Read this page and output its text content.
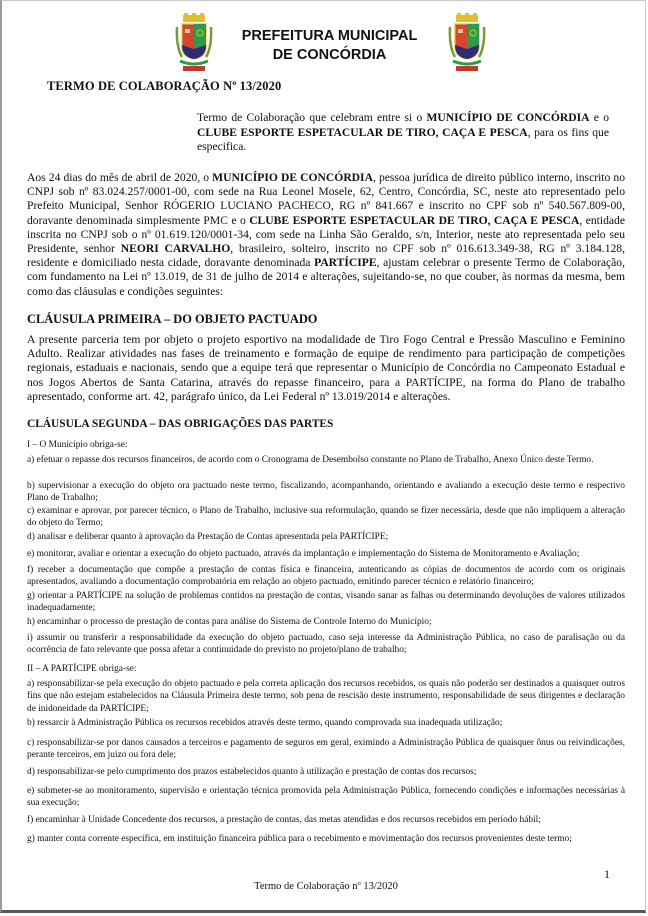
PREFEITURA MUNICIPAL
DE CONCÓRDIA
TERMO DE COLABORAÇÃO Nº 13/2020
Termo de Colaboração que celebram entre si o MUNICÍPIO DE CONCÓRDIA e o CLUBE ESPORTE ESPETACULAR DE TIRO, CAÇA E PESCA, para os fins que especifica.
Aos 24 dias do mês de abril de 2020, o MUNICÍPIO DE CONCÓRDIA, pessoa jurídica de direito público interno, inscrito no CNPJ sob nº 83.024.257/0001-00, com sede na Rua Leonel Mosele, 62, Centro, Concórdia, SC, neste ato representado pelo Prefeito Municipal, Senhor RÓGERIO LUCIANO PACHECO, RG nº 841.667 e inscrito no CPF sob nº 540.567.809-00, doravante denominada simplesmente PMC e o CLUBE ESPORTE ESPETACULAR DE TIRO, CAÇA E PESCA, entidade inscrita no CNPJ sob o nº 01.619.120/0001-34, com sede na Linha São Geraldo, s/n, Interior, neste ato representada pelo seu Presidente, senhor NEORI CARVALHO, brasileiro, solteiro, inscrito no CPF sob nº 016.613.349-38, RG nº 3.184.128, residente e domiciliado nesta cidade, doravante denominada PARTÍCIPE, ajustam celebrar o presente Termo de Colaboração, com fundamento na Lei nº 13.019, de 31 de julho de 2014 e alterações, sujeitando-se, no que couber, às normas da mesma, bem como das cláusulas e condições seguintes:
CLÁUSULA PRIMEIRA – DO OBJETO PACTUADO
A presente parceria tem por objeto o projeto esportivo na modalidade de Tiro Fogo Central e Pressão Masculino e Feminino Adulto. Realizar atividades nas fases de treinamento e formação de equipe de rendimento para participação de competições regionais, estaduais e nacionais, sendo que a equipe terá que representar o Município de Concórdia no Campeonato Estadual e nos Jogos Abertos de Santa Catarina, através do repasse financeiro, para a PARTÍCIPE, na forma do Plano de trabalho apresentado, conforme art. 42, parágrafo único, da Lei Federal nº 13.019/2014 e alterações.
CLÁUSULA SEGUNDA – DAS OBRIGAÇÕES DAS PARTES
I – O Município obriga-se:
a) efetuar o repasse dos recursos financeiros, de acordo com o Cronograma de Desembolso constante no Plano de Trabalho, Anexo Único deste Termo.
b) supervisionar a execução do objeto ora pactuado neste termo, fiscalizando, acompanhando, orientando e avaliando a execução deste termo e respectivo Plano de Trabalho;
c) examinar e aprovar, por parecer técnico, o Plano de Trabalho, inclusive sua reformulação, quando se fizer necessária, desde que não impliquem a alteração do objeto do Termo;
d) analisar e deliberar quanto à aprovação da Prestação de Contas apresentada pela PARTÍCIPE;
e) monitorar, avaliar e orientar a execução do objeto pactuado, através da implantação e implementação do Sistema de Monitoramento e Avaliação;
f) receber a documentação que compõe a prestação de contas física e financeira, autenticando as cópias de documentos de acordo com os originais apresentados, avaliando a documentação comprobatória em relação ao objeto pactuado, emitindo parecer técnico e relatório financeiro;
g) orientar a PARTÍCIPE na solução de problemas contidos na prestação de contas, visando sanar as falhas ou determinando devoluções de valores utilizados inadequadamente;
h) encaminhar o processo de prestação de contas para análise do Sistema de Controle Interno do Município;
i) assumir ou transferir a responsabilidade da execução do objeto pactuado, caso seja interesse da Administração Pública, no caso de paralisação ou da ocorrência de fato relevante que possa afetar a continuidade do previsto no projeto/plano de trabalho;
II – A PARTÍCIPE obriga-se:
a) responsabilizar-se pela execução do objeto pactuado e pela correta aplicação dos recursos recebidos, os quais não poderão ser destinados a quaisquer outros fins que não estejam estabelecidos na Cláusula Primeira deste termo, sob pena de rescisão deste instrumento, responsabilidade de seus dirigentes e declaração de inidoneidade da PARTÍCIPE;
b) ressarcir à Administração Pública os recursos recebidos através deste termo, quando comprovada sua inadequada utilização;
c) responsabilizar-se por danos causados a terceiros e pagamento de seguros em geral, eximindo a Administração Pública de quaisquer ônus ou reivindicações, perante terceiros, em juízo ou fora dele;
d) responsabilizar-se pelo cumprimento dos prazos estabelecidos quanto à utilização e prestação de contas dos recursos;
e) submeter-se ao monitoramento, supervisão e orientação técnica promovida pela Administração Pública, fornecendo condições e informações necessárias à sua execução;
f) encaminhar à Unidade Concedente dos recursos, a prestação de contas, das metas atendidas e dos recursos recebidos em período hábil;
g) manter conta corrente específica, em instituição financeira pública para o recebimento e movimentação dos recursos provenientes deste termo;
1
Termo de Colaboração nº 13/2020
